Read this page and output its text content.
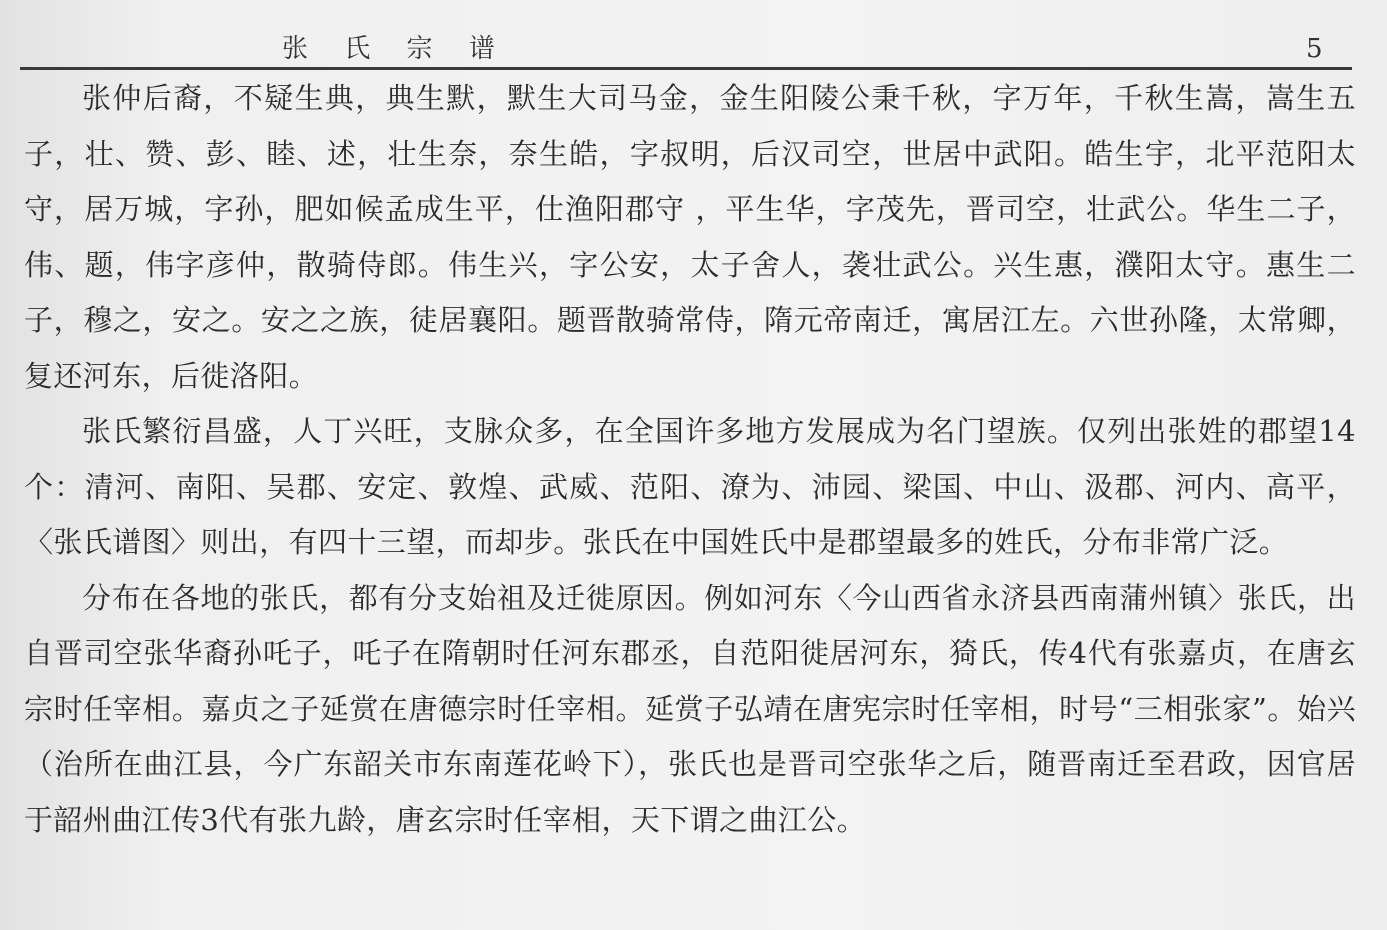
张 氏 宗 谱	5

张仲后裔，不疑生典，典生默，默生大司马金，金生阳陵公秉千秋，字万年，千秋生嵩，嵩生五子，壮、赞、彭、睦、述，壮生奈，奈生皓，字叔明，后汉司空，世居中武阳。皓生宇，北平范阳太守，居万城，字孙，肥如候孟成生平，仕渔阳郡守 ，平生华，字茂先，晋司空，壮武公。华生二子，伟、题，伟字彦仲，散骑侍郎。伟生兴，字公安，太子舍人，袭壮武公。兴生惠，濮阳太守。惠生二子，穆之，安之。安之之族，徒居襄阳。题晋散骑常侍，隋元帝南迁，寓居江左。六世孙隆，太常卿，复还河东，后徙洛阳。

张氏繁衍昌盛，人丁兴旺，支脉众多，在全国许多地方发展成为名门望族。仅列出张姓的郡望14个：清河、南阳、吴郡、安定、敦煌、武威、范阳、潦为、沛园、梁国、中山、汲郡、河内、高平，〈张氏谱图〉则出，有四十三望，而却步。张氏在中国姓氏中是郡望最多的姓氏，分布非常广泛。

分布在各地的张氏，都有分支始祖及迁徙原因。例如河东〈今山西省永济县西南蒲州镇〉张氏，出自晋司空张华裔孙吒子，吒子在隋朝时任河东郡丞，自范阳徙居河东，猗氏，传4代有张嘉贞，在唐玄宗时任宰相。嘉贞之子延赏在唐德宗时任宰相。延赏子弘靖在唐宪宗时任宰相，时号“三相张家”。始兴（治所在曲江县，今广东韶关市东南莲花岭下），张氏也是晋司空张华之后，随晋南迁至君政，因官居于韶州曲江传3代有张九龄，唐玄宗时任宰相，天下谓之曲江公。
